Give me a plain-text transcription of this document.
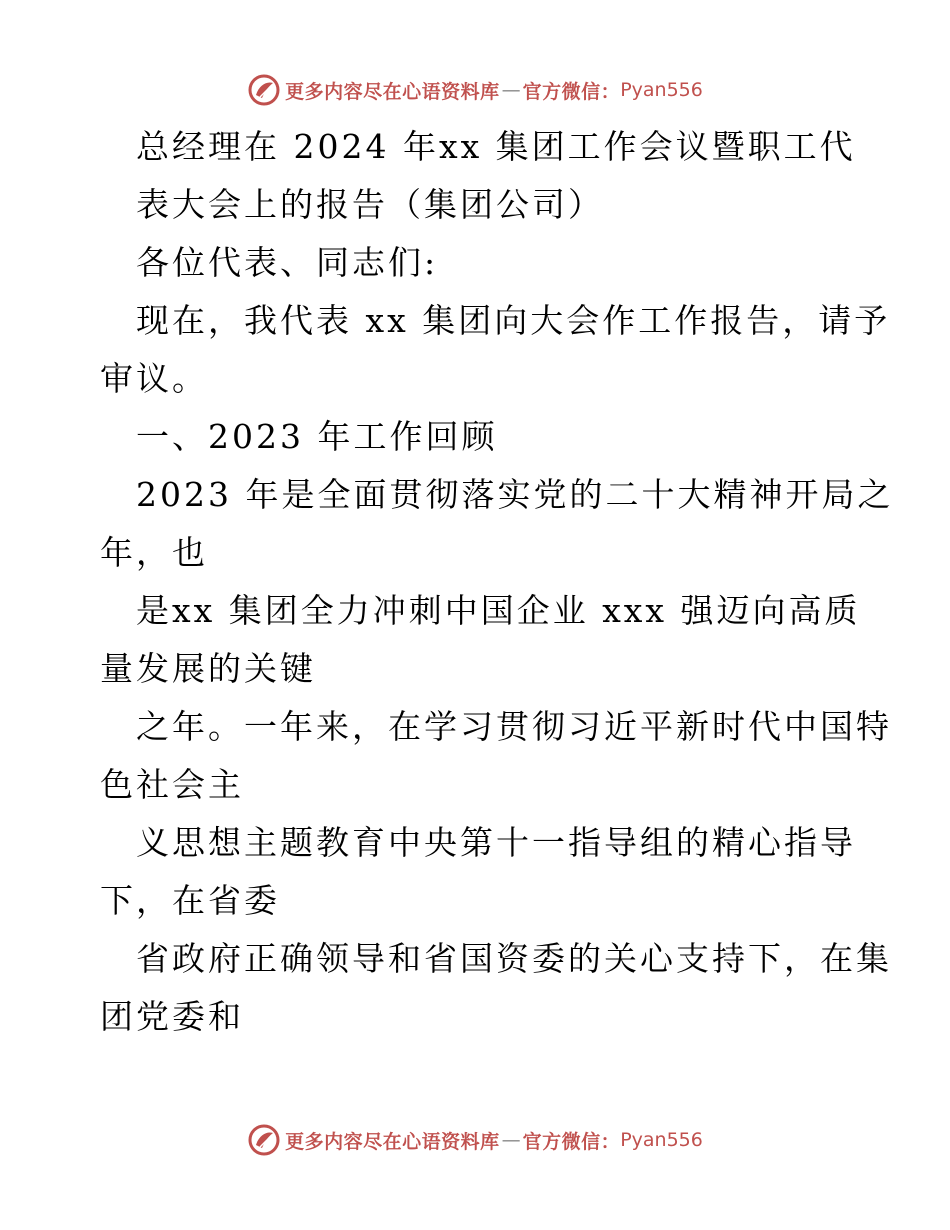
更多内容尽在心语资料库 — 官方微信： Pyan556
总经理在 2024 年xx 集团工作会议暨职工代
表大会上的报告（集团公司）
各位代表、同志们:
现在，我代表 xx 集团向大会作工作报告，请予
审议。
一、2023 年工作回顾
2023 年是全面贯彻落实党的二十大精神开局之
年，也
是xx 集团全力冲刺中国企业 xxx 强迈向高质
量发展的关键
之年。一年来，在学习贯彻习近平新时代中国特
色社会主
义思想主题教育中央第十一指导组的精心指导
下，在省委
省政府正确领导和省国资委的关心支持下，在集
团党委和
更多内容尽在心语资料库 — 官方微信： Pyan556
